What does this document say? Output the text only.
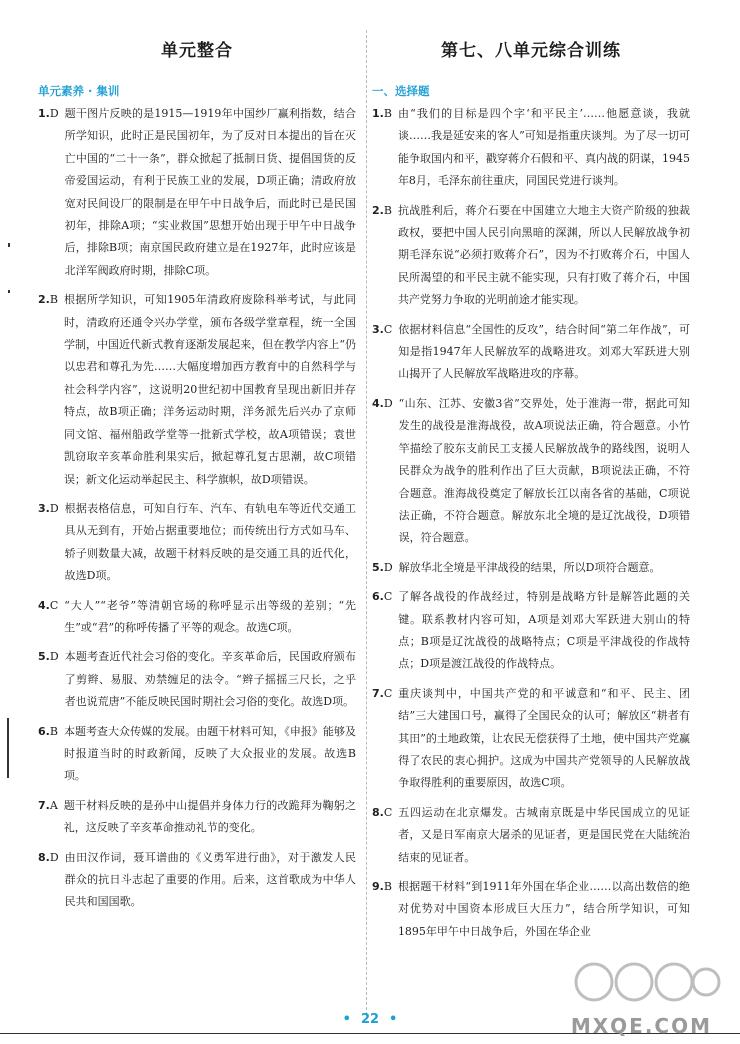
单元整合
单元素养 · 集训
1.D 题干图片反映的是1915—1919年中国纱厂赢利指数，结合所学知识，此时正是民国初年，为了反对日本提出的旨在灭亡中国的“二十一条”，群众掀起了抵制日货、提倡国货的反帝爱国运动，有利于民族工业的发展，D项正确；清政府放宽对民间设厂的限制是在甲午中日战争后，而此时已是民国初年，排除A项；“实业救国”思想开始出现于甲午中日战争后，排除B项；南京国民政府建立是在1927年，此时应该是北洋军阀政府时期，排除C项。
2.B 根据所学知识，可知1905年清政府废除科举考试，与此同时，清政府还通令兴办学堂，颁布各级学堂章程，统一全国学制，中国近代新式教育逐渐发展起来，但在教学内容上“仍以忠君和尊孔为先……大幅度增加西方教育中的自然科学与社会科学内容”，这说明20世纪初中国教育呈现出新旧并存特点，故B项正确；洋务运动时期，洋务派先后兴办了京师同文馆、福州船政学堂等一批新式学校，故A项错误；袁世凯窃取辛亥革命胜利果实后，掀起尊孔复古思潮，故C项错误；新文化运动举起民主、科学旗帜，故D项错误。
3.D 根据表格信息，可知自行车、汽车、有轨电车等近代交通工具从无到有，开始占据重要地位；而传统出行方式如马车、轿子则数量大减，故题干材料反映的是交通工具的近代化，故选D项。
4.C “大人”“老爷”等清朝官场的称呼显示出等级的差别；“先生”或“君”的称呼传播了平等的观念。故选C项。
5.D 本题考查近代社会习俗的变化。辛亥革命后，民国政府颁布了剪辫、易服、劝禁缠足的法令。“辫子摇摇三尺长，之乎者也说荒唐”不能反映民国时期社会习俗的变化。故选D项。
6.B 本题考查大众传媒的发展。由题干材料可知，《申报》能够及时报道当时的时政新闻，反映了大众报业的发展。故选B项。
7.A 题干材料反映的是孙中山提倡并身体力行的改跪拜为鞠躬之礼，这反映了辛亥革命推动礼节的变化。
8.D 由田汉作词，聂耳谱曲的《义勇军进行曲》，对于激发人民群众的抗日斗志起了重要的作用。后来，这首歌成为中华人民共和国国歌。
第七、八单元综合训练
一、选择题
1.B 由“我们的目标是四个字‘和平民主’……他愿意谈，我就谈……我是延安来的客人”可知是指重庆谈判。为了尽一切可能争取国内和平，戳穿蒋介石假和平、真内战的阴谋，1945年8月，毛泽东前往重庆，同国民党进行谈判。
2.B 抗战胜利后，蒋介石要在中国建立大地主大资产阶级的独裁政权，要把中国人民引向黑暗的深渊，所以人民解放战争初期毛泽东说“必须打败蒋介石”，因为不打败蒋介石，中国人民所渴望的和平民主就不能实现，只有打败了蒋介石，中国共产党努力争取的光明前途才能实现。
3.C 依据材料信息“全国性的反攻”，结合时间“第二年作战”，可知是指1947年人民解放军的战略进攻。刘邓大军跃进大别山揭开了人民解放军战略进攻的序幕。
4.D “山东、江苏、安徽3省”交界处，处于淮海一带，据此可知发生的战役是淮海战役，故A项说法正确，符合题意。小竹竿描绘了胶东支前民工支援人民解放战争的路线图，说明人民群众为战争的胜利作出了巨大贡献，B项说法正确，不符合题意。淮海战役奠定了解放长江以南各省的基础，C项说法正确，不符合题意。解放东北全境的是辽沈战役，D项错误，符合题意。
5.D 解放华北全境是平津战役的结果，所以D项符合题意。
6.C 了解各战役的作战经过，特别是战略方针是解答此题的关键。联系教材内容可知，A项是刘邓大军跃进大别山的特点；B项是辽沈战役的战略特点；C项是平津战役的作战特点；D项是渡江战役的作战特点。
7.C 重庆谈判中，中国共产党的和平诚意和“和平、民主、团结”三大建国口号，赢得了全国民众的认可；解放区“耕者有其田”的土地政策，让农民无偿获得了土地，使中国共产党赢得了农民的衷心拥护。这成为中国共产党领导的人民解放战争取得胜利的重要原因，故选C项。
8.C 五四运动在北京爆发。古城南京既是中华民国成立的见证者，又是日军南京大屠杀的见证者，更是国民党在大陆统治结束的见证者。
9.B 根据题干材料“到1911年外国在华企业……以高出数倍的绝对优势对中国资本形成巨大压力”，结合所学知识，可知1895年甲午中日战争后，外国在华企业
• 22 •	MXQE.COM
